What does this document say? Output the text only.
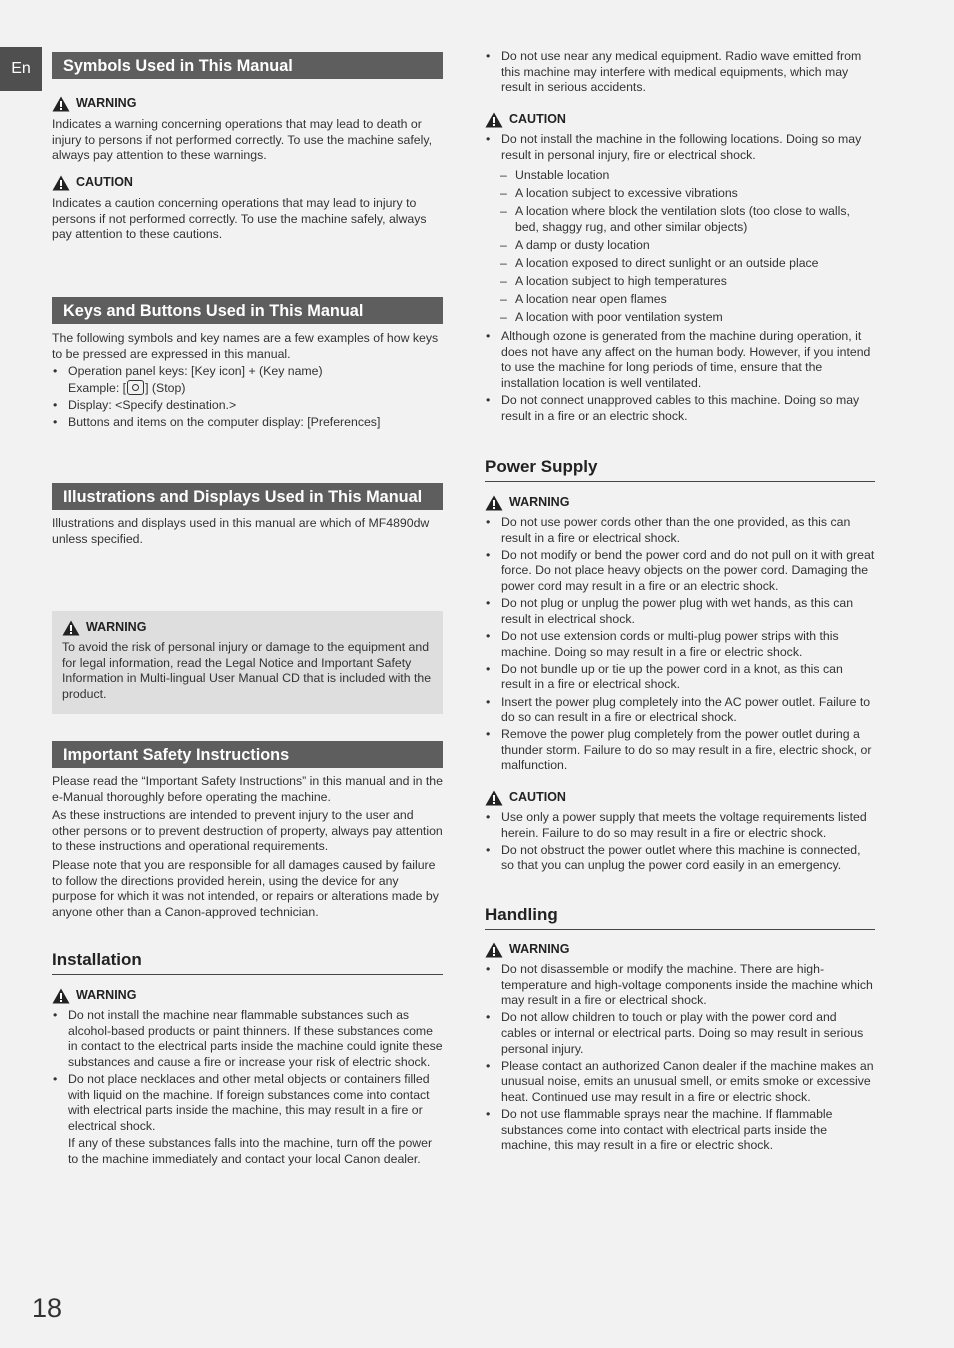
En
18
Symbols Used in This Manual
WARNING

Indicates a warning concerning operations that may lead to death or injury to persons if not performed correctly. To use the machine safely, always pay attention to these warnings.

CAUTION

Indicates a caution concerning operations that may lead to injury to persons if not performed correctly. To use the machine safely, always pay attention to these cautions.

Keys and Buttons Used in This Manual

The following symbols and key names are a few examples of how keys to be pressed are expressed in this manual.

• Operation panel keys: [Key icon] + (Key name)
Example: [ ] (Stop)
• Display: <Specify destination.>
• Buttons and items on the computer display: [Preferences]
Illustrations and Displays Used in This Manual
Illustrations and displays used in this manual are which of MF4890dw unless specified.
WARNING

To avoid the risk of personal injury or damage to the equipment and for legal information, read the Legal Notice and Important Safety Information in Multi-lingual User Manual CD that is included with the product.

Important Safety Instructions

Please read the “Important Safety Instructions” in this manual and in the e-Manual thoroughly before operating the machine.

As these instructions are intended to prevent injury to the user and other persons or to prevent destruction of property, always pay attention to these instructions and operational requirements.

Please note that you are responsible for all damages caused by failure to follow the directions provided herein, using the device for any purpose for which it was not intended, or repairs or alterations made by anyone other than a Canon-approved technician.

Installation
WARNING
• Do not install the machine near flammable substances such as alcohol-based products or paint thinners. If these substances come in contact to the electrical parts inside the machine could ignite these substances and cause a fire or increase your risk of electric shock.
• Do not place necklaces and other metal objects or containers filled with liquid on the machine. If foreign substances come into contact with electrical parts inside the machine, this may result in a fire or electrical shock.

If any of these substances falls into the machine, turn off the power to the machine immediately and contact your local Canon dealer.

• Do not use near any medical equipment. Radio wave emitted from this machine may interfere with medical equipments, which may result in serious accidents.
CAUTION
• Do not install the machine in the following locations. Doing so may result in personal injury, fire or electrical shock.
– Unstable location
– A location subject to excessive vibrations
– A location where block the ventilation slots (too close to walls, bed, shaggy rug, and other similar objects)
– A damp or dusty location
– A location exposed to direct sunlight or an outside place
– A location subject to high temperatures
– A location near open flames
– A location with poor ventilation system
• Although ozone is generated from the machine during operation, it does not have any affect on the human body. However, if you intend to use the machine for long periods of time, ensure that the installation location is well ventilated.
• Do not connect unapproved cables to this machine. Doing so may result in a fire or an electric shock.
Power Supply
WARNING
• Do not use power cords other than the one provided, as this can result in a fire or electrical shock.
• Do not modify or bend the power cord and do not pull on it with great force. Do not place heavy objects on the power cord. Damaging the power cord may result in a fire or an electric shock.
• Do not plug or unplug the power plug with wet hands, as this can result in electrical shock.
• Do not use extension cords or multi-plug power strips with this machine. Doing so may result in a fire or electric shock.
• Do not bundle up or tie up the power cord in a knot, as this can result in a fire or electrical shock.
• Insert the power plug completely into the AC power outlet. Failure to do so can result in a fire or electrical shock.
• Remove the power plug completely from the power outlet during a thunder storm. Failure to do so may result in a fire, electric shock, or malfunction.
CAUTION
• Use only a power supply that meets the voltage requirements listed herein. Failure to do so may result in a fire or electric shock.
• Do not obstruct the power outlet where this machine is connected, so that you can unplug the power cord easily in an emergency.
Handling
WARNING
• Do not disassemble or modify the machine. There are high-temperature and high-voltage components inside the machine which may result in a fire or electrical shock.
• Do not allow children to touch or play with the power cord and cables or internal or electrical parts. Doing so may result in serious personal injury.
• Please contact an authorized Canon dealer if the machine makes an unusual noise, emits an unusual smell, or emits smoke or excessive heat. Continued use may result in a fire or electric shock.
• Do not use flammable sprays near the machine. If flammable substances come into contact with electrical parts inside the machine, this may result in a fire or electric shock.
